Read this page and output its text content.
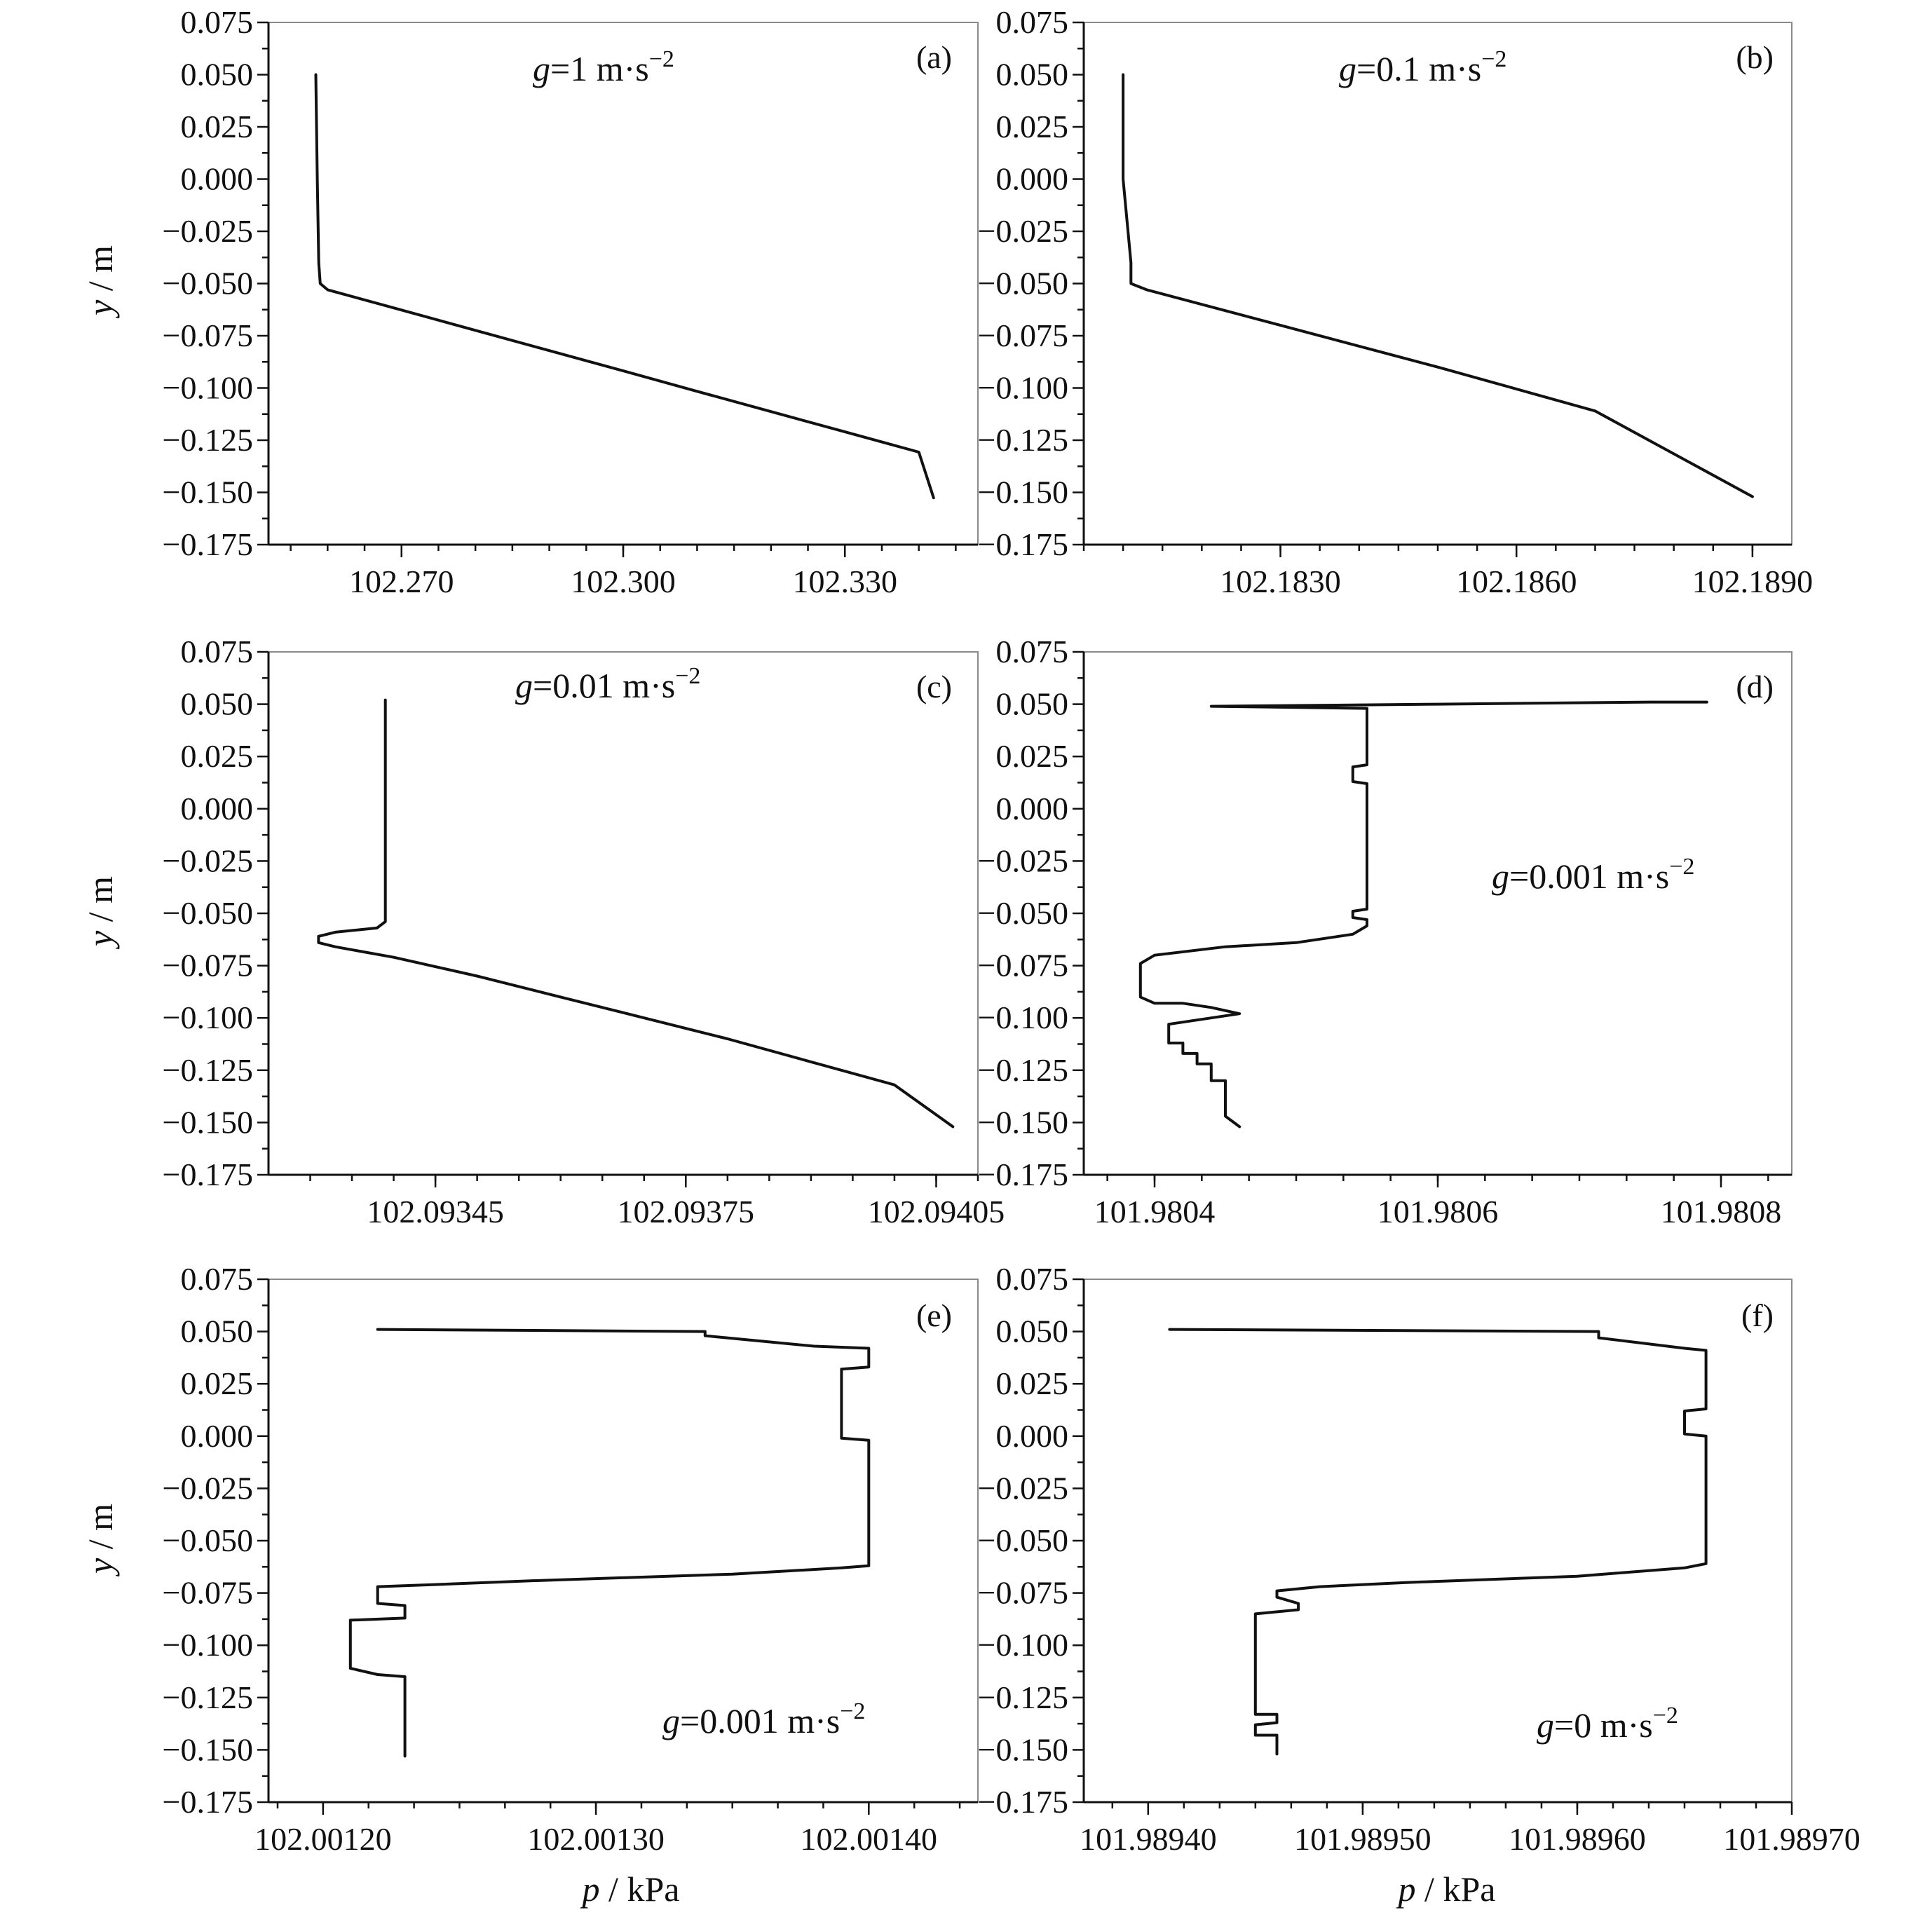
0.075
0.050
0.025
0.000
−0.025
−0.050
−0.075
−0.100
−0.125
−0.150
−0.175
102.270	102.300	102.330
g=1 $m\cdot s^{-2}$	(a)
0.075
0.050
0.025
0.000
−0.025
−0.050
−0.075
−0.100
−0.125
−0.150
−0.175
102.1830	102.1860	102.1890
g=0.1 $m\cdot s^{-2}$	(b)
0.075
0.050
0.025
0.000
−0.025
−0.050
−0.075
−0.100
−0.125
−0.150
−0.175
102.09345	102.09375	102.09405
g=0.01 $m\cdot s^{-2}$	(c)
0.075
0.050
0.025
0.000
−0.025
−0.050
−0.075
−0.100
−0.125
−0.150
−0.175
101.9804	101.9806	101.9808
g=0.001 $m\cdot s^{-2}$
(d)
0.075
0.050
0.025
0.000
−0.025
−0.050
−0.075
−0.100
−0.125
−0.150
−0.175
102.00120	102.00130	102.00140
g=0.001 $m\cdot s^{-2}$
(e)
0.075
0.050
0.025
0.000
−0.025
−0.050
−0.075
−0.100
−0.125
−0.150
−0.175
101.98940 101.98950 101.98960 101.98970
g=0 $m\cdot s^{-2}$
(f)
y / m
y / m
y / m
p / kPa	p / kPa
